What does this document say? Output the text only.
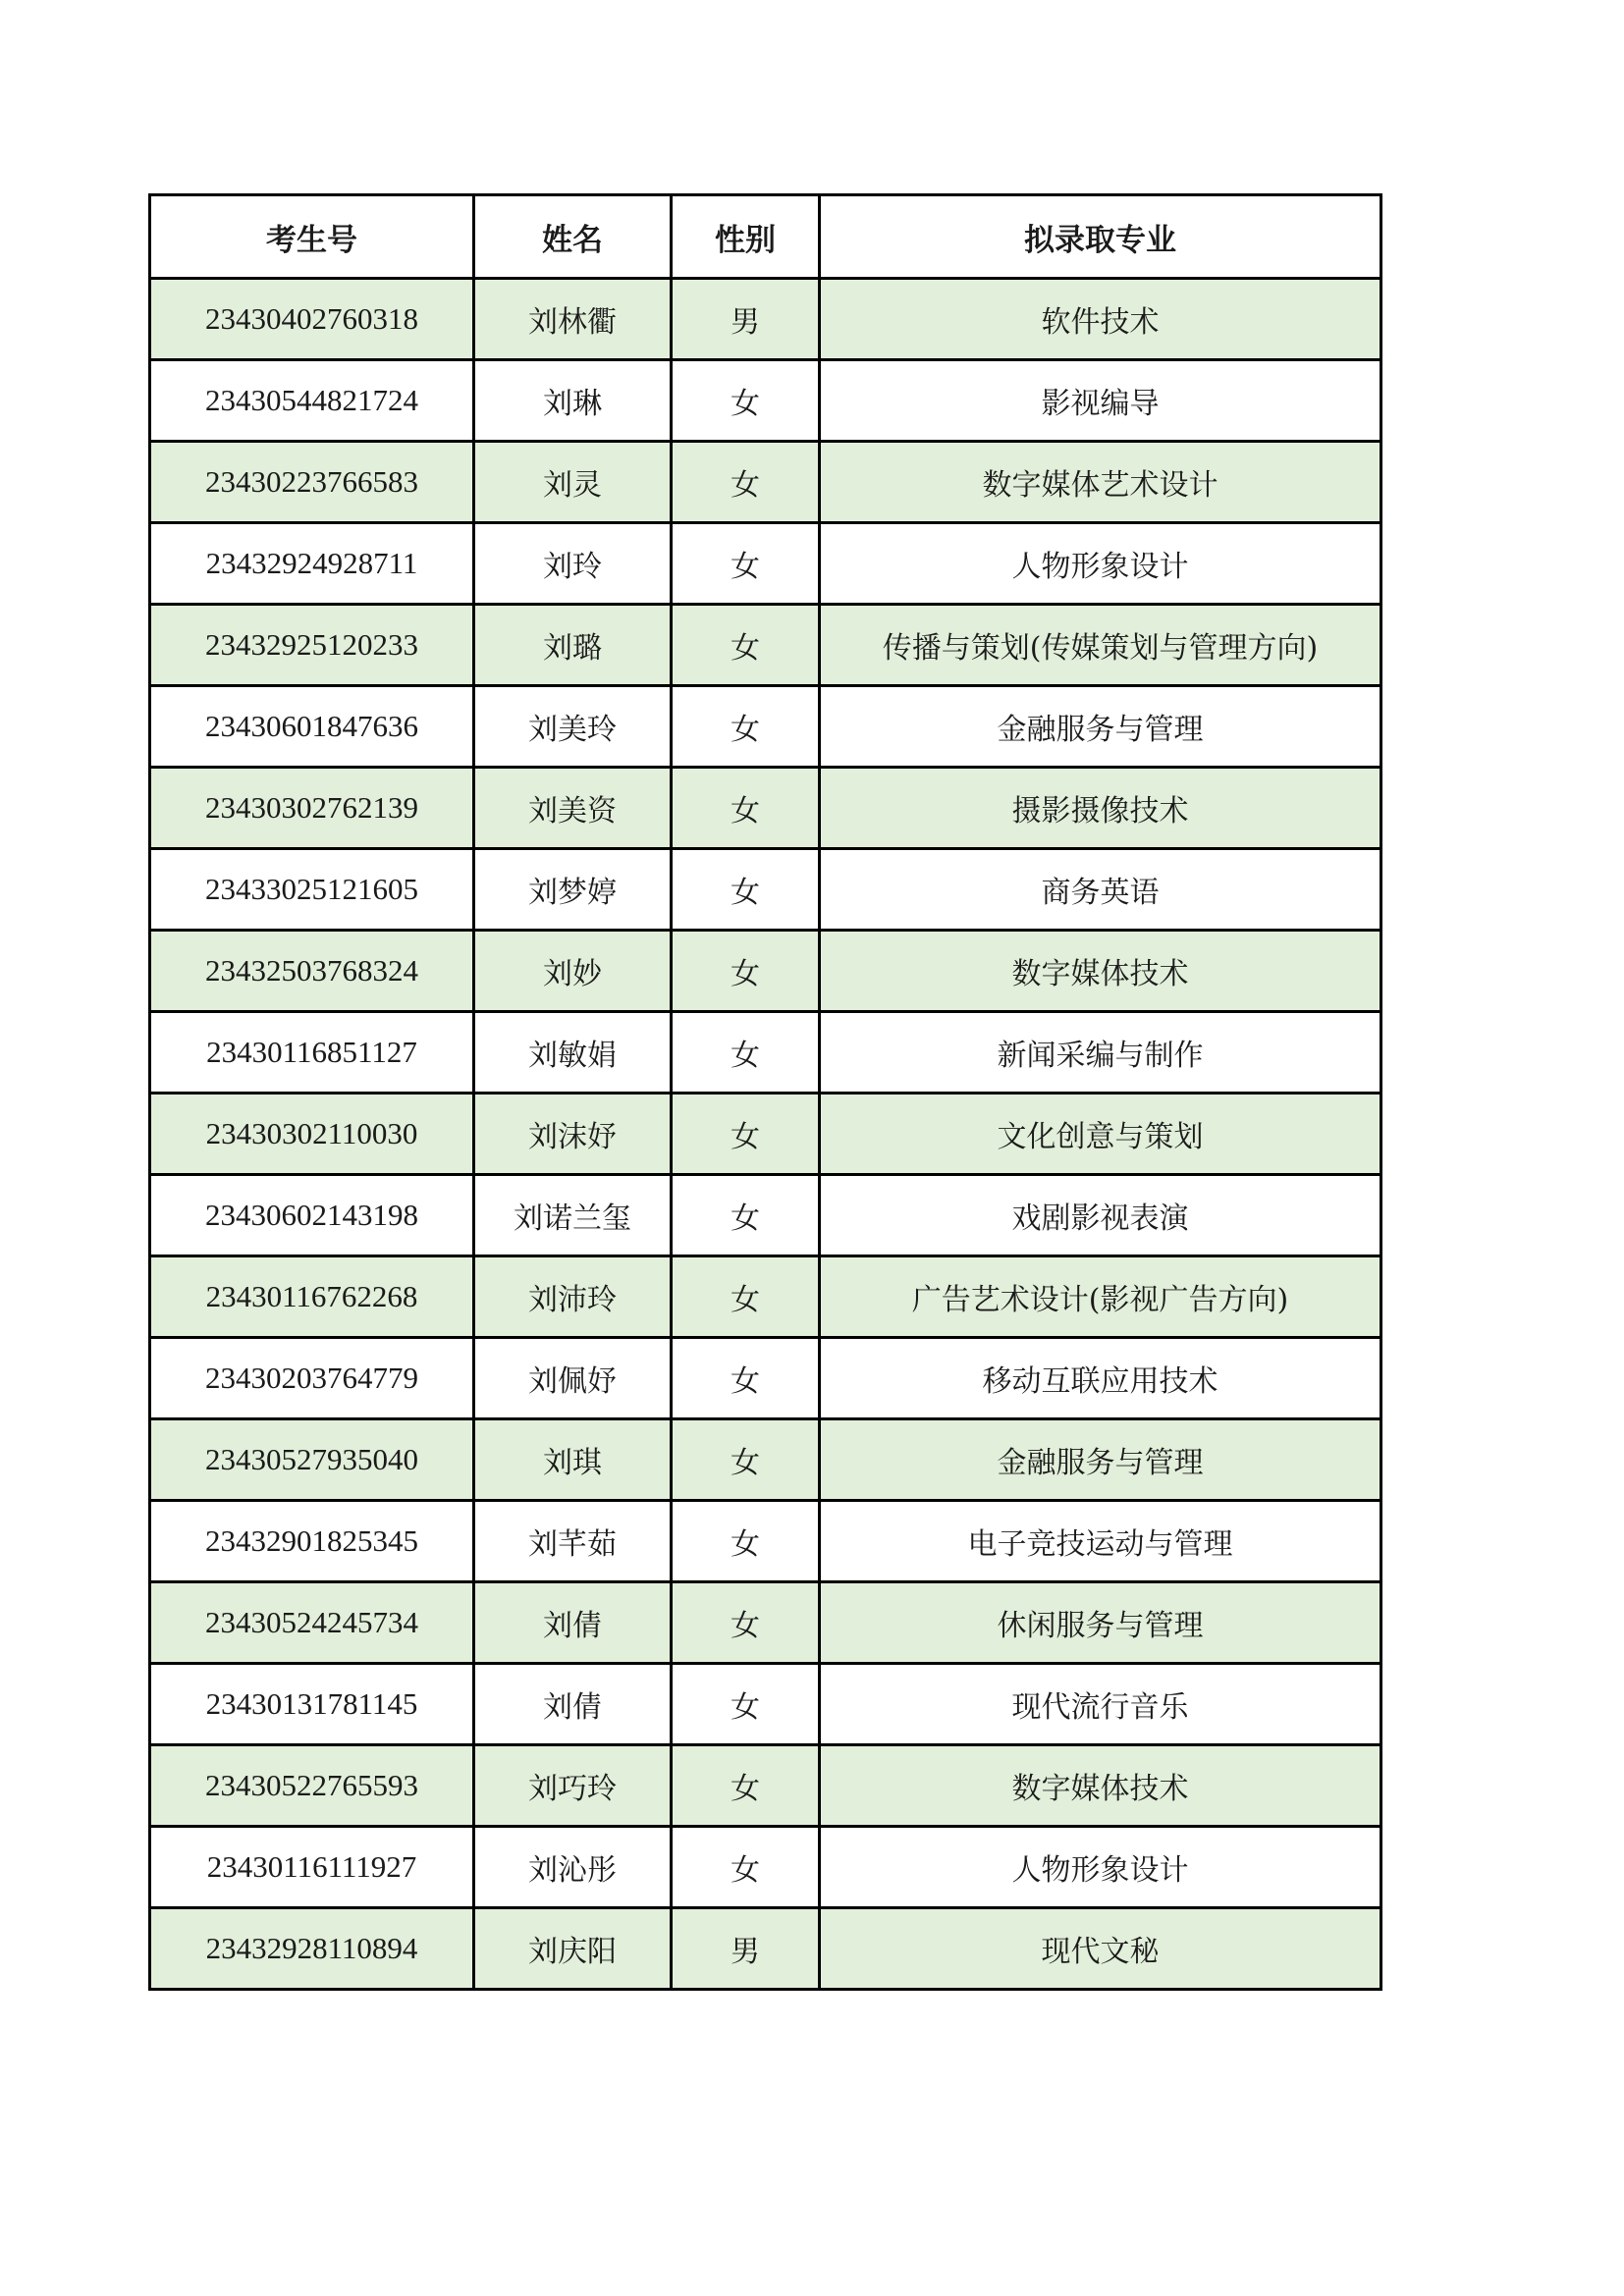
考生号	姓名	性别	拟录取专业
23430402760318	刘林衢	男	软件技术
23430544821724	刘琳	女	影视编导
23430223766583	刘灵	女	数字媒体艺术设计
23432924928711	刘玲	女	人物形象设计
23432925120233	刘璐	女	传播与策划(传媒策划与管理方向)
23430601847636	刘美玲	女	金融服务与管理
23430302762139	刘美资	女	摄影摄像技术
23433025121605	刘梦婷	女	商务英语
23432503768324	刘妙	女	数字媒体技术
23430116851127	刘敏娟	女	新闻采编与制作
23430302110030	刘沫妤	女	文化创意与策划
23430602143198	刘诺兰玺	女	戏剧影视表演
23430116762268	刘沛玲	女	广告艺术设计(影视广告方向)
23430203764779	刘佩妤	女	移动互联应用技术
23430527935040	刘琪	女	金融服务与管理
23432901825345	刘芊茹	女	电子竞技运动与管理
23430524245734	刘倩	女	休闲服务与管理
23430131781145	刘倩	女	现代流行音乐
23430522765593	刘巧玲	女	数字媒体技术
23430116111927	刘沁彤	女	人物形象设计
23432928110894	刘庆阳	男	现代文秘
